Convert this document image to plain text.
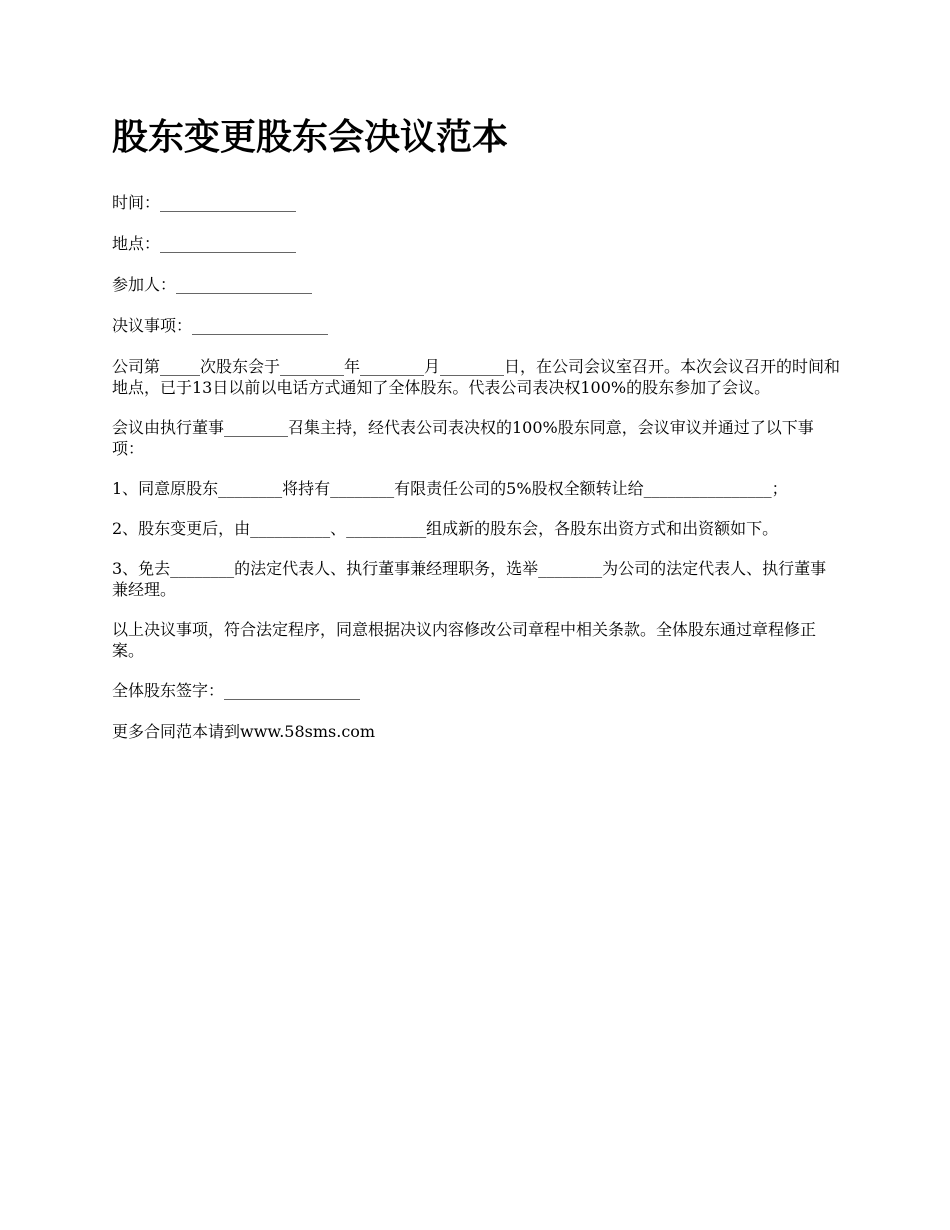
股东变更股东会决议范本

时间：_________________

地点：_________________

参加人：_________________

决议事项：_________________

公司第_____次股东会于________年________月________日，在公司会议室召开。本次会议召开的时间和地点，已于13日以前以电话方式通知了全体股东。代表公司表决权100%的股东参加了会议。

会议由执行董事________召集主持，经代表公司表决权的100%股东同意，会议审议并通过了以下事项：

1、同意原股东________将持有________有限责任公司的5%股权全额转让给________________；

2、股东变更后，由__________、__________组成新的股东会，各股东出资方式和出资额如下。

3、免去________的法定代表人、执行董事兼经理职务，选举________为公司的法定代表人、执行董事兼经理。

以上决议事项，符合法定程序，同意根据决议内容修改公司章程中相关条款。全体股东通过章程修正案。

全体股东签字：_________________

更多合同范本请到www.58sms.com
